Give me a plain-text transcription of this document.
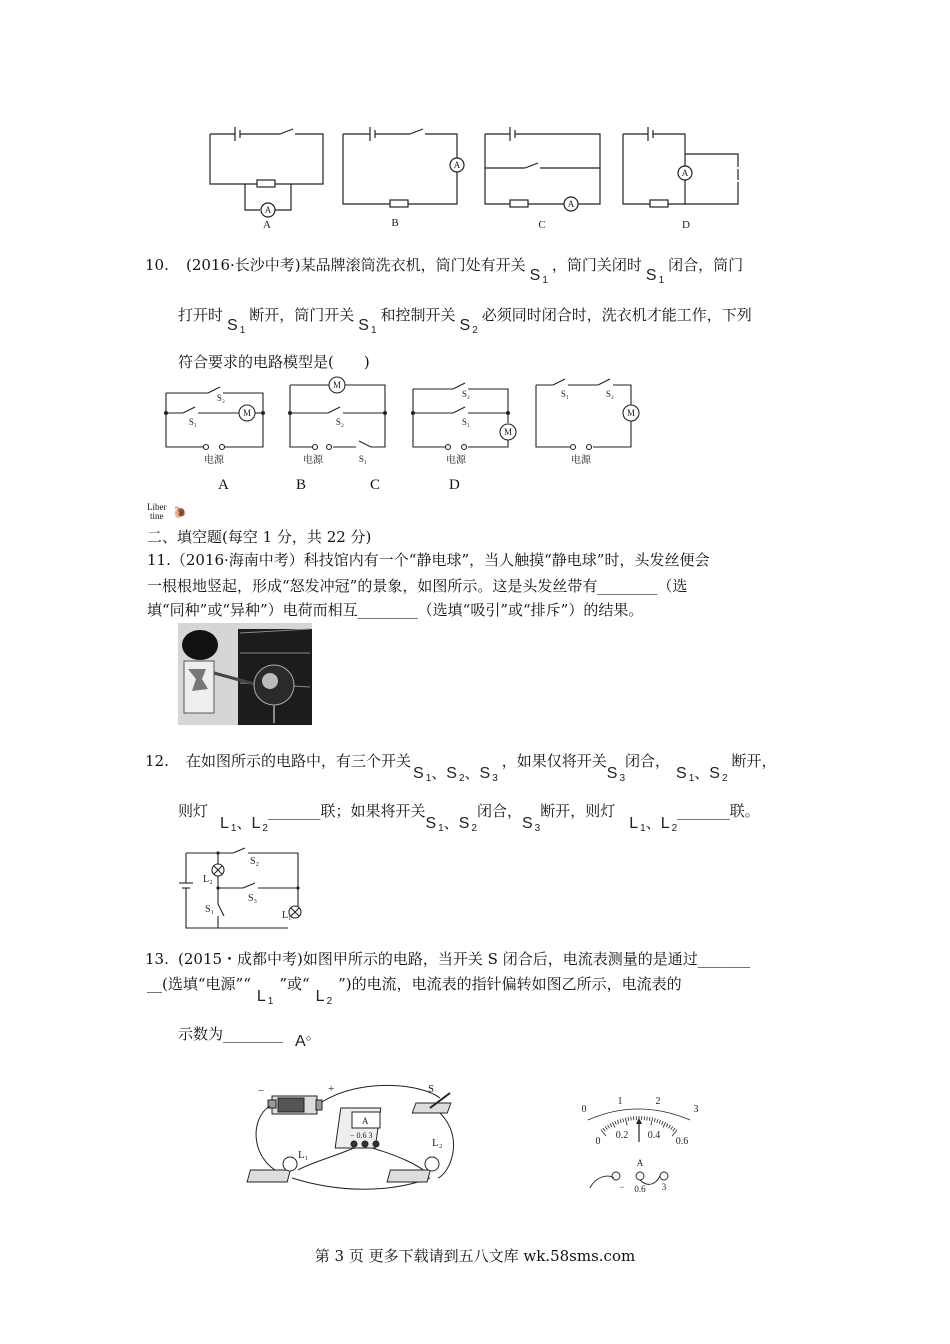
A
A
A
A
A	B	C	D
10. (2016·长沙中考)某品牌滚筒洗衣机，筒门处有开关S $_1$，筒门关闭时S $_1$闭合，筒门
打开时S $_1$断开，筒门开关S $_1$和控制开关S $_2$必须同时闭合时，洗衣机才能工作，下列
符合要求的电路模型是(　　)
M
M
M
M
S₂
S₁	S₂
S₁
S₂
S₁
S₁	S₂
电源	电源	电源	电源
A	B	C	D
Liber
tine 🐌
二、填空题(每空 1 分，共 22 分)
11.（2016·海南中考）科技馆内有一个“静电球”，当人触摸“静电球”时，头发丝便会
一根根地竖起，形成“怒发冲冠”的景象，如图所示。这是头发丝带有________（选
填“同种”或“异种”）电荷而相互________（选填“吸引”或“排斥”）的结果。
12. 在如图所示的电路中，有三个开关S $_1$、S $_2$、S $_3$，如果仅将开关S $_3$闭合，S $_1$、S $_2$断开，
则灯L $_1$、L $_2$_______联；如果将开关S $_1$、S $_2$闭合，S $_3$断开，则灯L $_1$、L $_2$_______联。
S₂
L₂
S₃
S₁
L₁
13. (2015・成都中考)如图甲所示的电路，当开关 S 闭合后，电流表测量的是通过_______
__(选填“电源”“L $_1$”或“L $_2$”)的电流，电流表的指针偏转如图乙所示，电流表的
示数为________ A。
−	+	S
A
− 0.6 3
L₁
L₂
0
1	2
3
0
0.2 0.4
0.6
A
− 0.6 3
第 3 页 更多下载请到五八文库 wk.58sms.com
